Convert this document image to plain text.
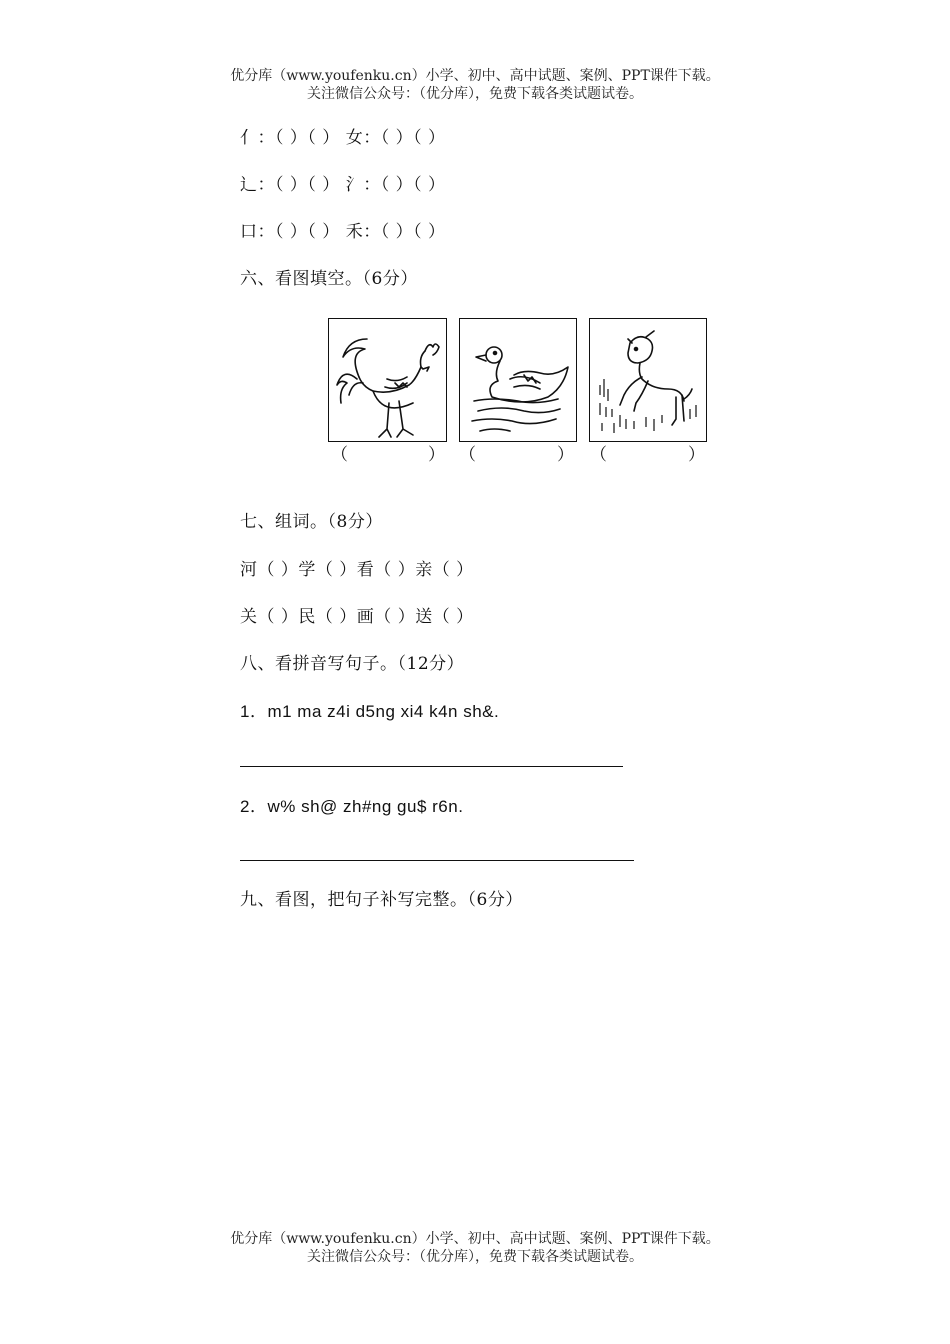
优分库（www.youfenku.cn）小学、初中、高中试题、案例、PPT课件下载。
关注微信公众号：（优分库），免费下载各类试题试卷。
亻：（ ）（ ） 女：（ ）（ ）
辶：（ ）（ ） 氵：（ ）（ ）
口：（ ）（ ） 禾：（ ）（ ）
六、看图填空。（6分）
（	） （	） （	）
七、组词。（8分）
河（ ）学（ ）看（ ）亲（ ）
关（ ）民（ ）画（ ）送（ ）
八、看拼音写句子。（12分）
1．m1 ma z4i d5ng xi4 k4n sh&.
2．w% sh@ zh#ng gu$ r6n.
九、看图，把句子补写完整。（6分）
优分库（www.youfenku.cn）小学、初中、高中试题、案例、PPT课件下载。
关注微信公众号：（优分库），免费下载各类试题试卷。
